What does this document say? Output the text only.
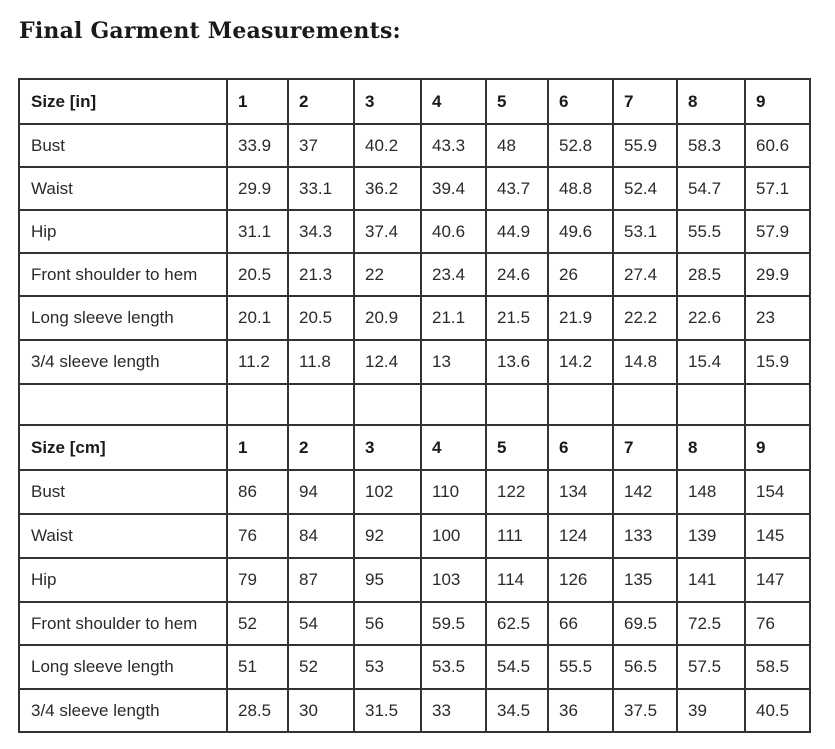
Final Garment Measurements:
Size [in]	1	2	3	4	5	6	7	8	9
Bust	33.9	37	40.2	43.3	48	52.8	55.9	58.3	60.6
Waist	29.9	33.1	36.2	39.4	43.7	48.8	52.4	54.7	57.1
Hip	31.1	34.3	37.4	40.6	44.9	49.6	53.1	55.5	57.9
Front shoulder to hem	20.5	21.3	22	23.4	24.6	26	27.4	28.5	29.9
Long sleeve length	20.1	20.5	20.9	21.1	21.5	21.9	22.2	22.6	23
3/4 sleeve length	11.2	11.8	12.4	13	13.6	14.2	14.8	15.4	15.9

Size [cm]	1	2	3	4	5	6	7	8	9
Bust	86	94	102	110	122	134	142	148	154
Waist	76	84	92	100	111	124	133	139	145
Hip	79	87	95	103	114	126	135	141	147
Front shoulder to hem	52	54	56	59.5	62.5	66	69.5	72.5	76
Long sleeve length	51	52	53	53.5	54.5	55.5	56.5	57.5	58.5
3/4 sleeve length	28.5	30	31.5	33	34.5	36	37.5	39	40.5
